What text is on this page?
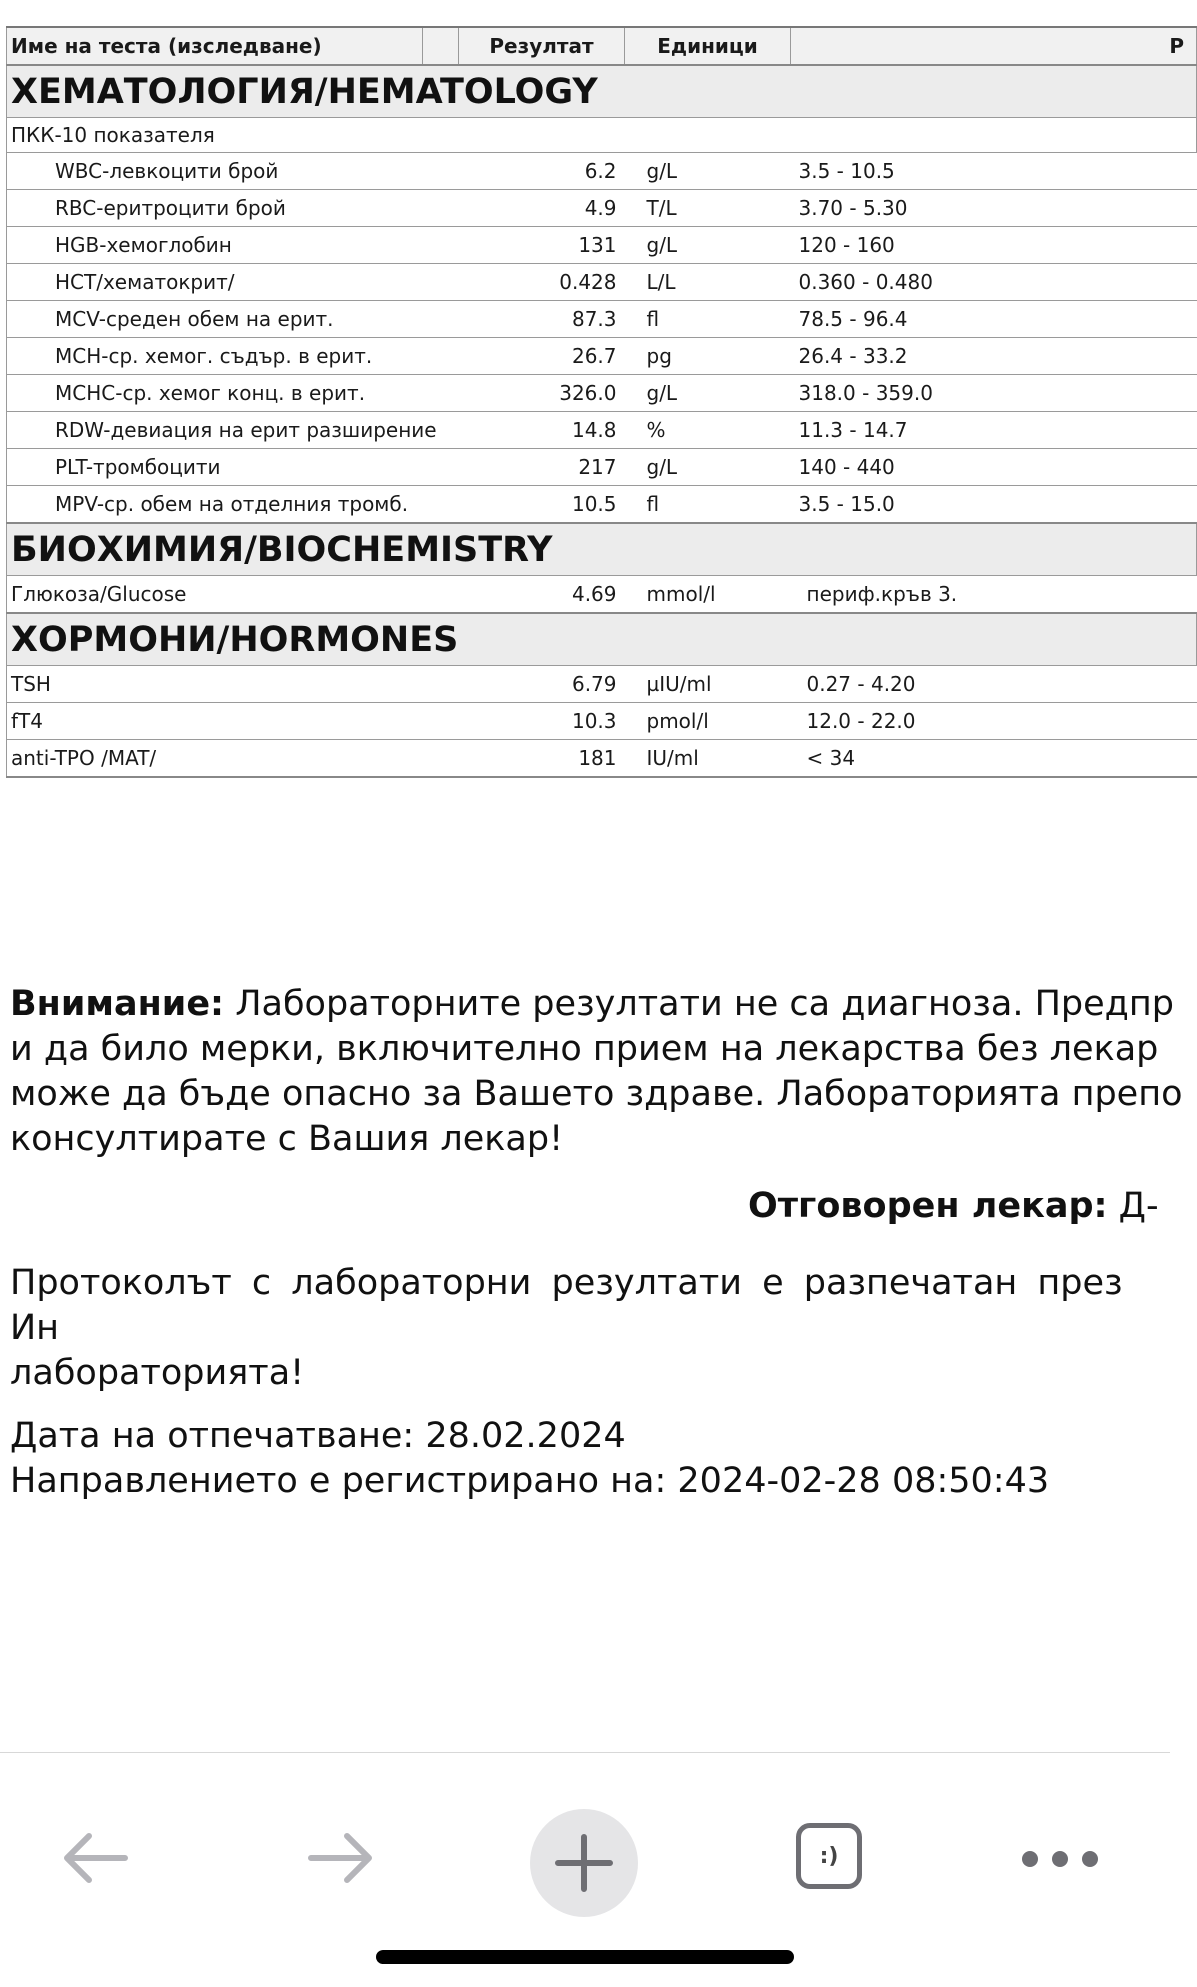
Име на теста (изследване)		Резултат	Единици	Р
ХЕМАТОЛОГИЯ/HEMATOLOGY				
ПКК-10 показателя				
WBC-левкоцити брой		6.2	g/L	3.5 - 10.5
RBC-еритроцити брой		4.9	T/L	3.70 - 5.30
HGB-хемоглобин		131	g/L	120 - 160
HCT/хематокрит/		0.428	L/L	0.360 - 0.480
MCV-среден обем на ерит.		87.3	fl	78.5 - 96.4
MCH-ср. хемог. съдър. в ерит.		26.7	pg	26.4 - 33.2
MCHC-ср. хемог конц. в ерит.		326.0	g/L	318.0 - 359.0
RDW-девиация на ерит разширение		14.8	%	11.3 - 14.7
PLT-тромбоцити		217	g/L	140 - 440
MPV-ср. обем на отделния тромб.		10.5	fl	3.5 - 15.0
БИОХИМИЯ/BIOCHEMISTRY				
Глюкоза/Glucose		4.69	mmol/l	периф.кръв 3.
ХОРМОНИ/HORMONES				
TSH		6.79	µIU/ml	0.27 - 4.20
fT4		10.3	pmol/l	12.0 - 22.0
anti-TPO /MAT/		181	IU/ml	< 34

Внимание: Лабораторните резултати не са диагноза. Предпр
и да било мерки, включително прием на лекарства без лекар
може да бъде опасно за Вашето здраве. Лабораторията препо
консултирате с Вашия лекар!

Отговорен лекар: Д-

Протоколът с лабораторни резултати е разпечатан през Ин
лабораторията!

Дата на отпечатване: 28.02.2024
Направлението е регистрирано на: 2024-02-28 08:50:43

:)
